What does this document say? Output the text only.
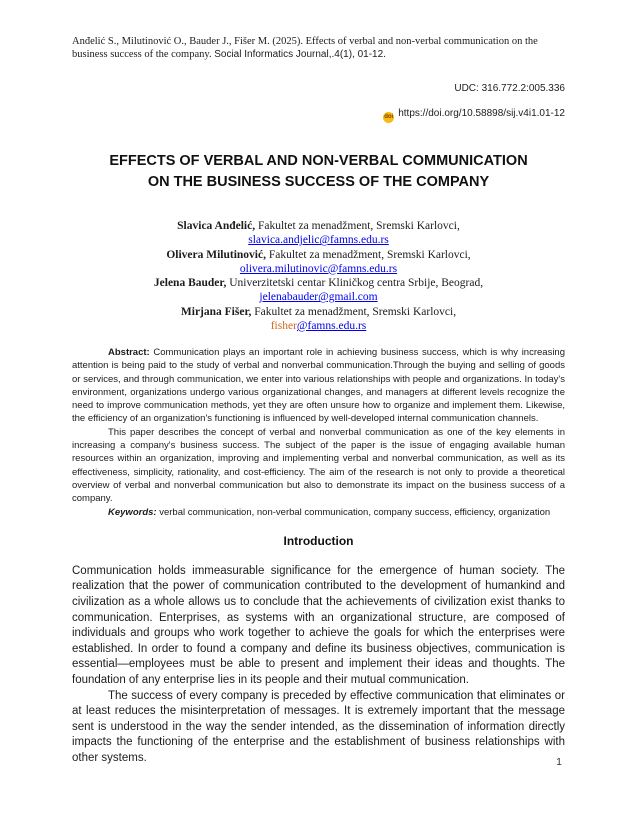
Anđelić S., Milutinović O., Bauder J., Fišer M. (2025). Effects of verbal and non-verbal communication on the business success of the company. Social Informatics Journal,.4(1), 01-12.
UDC: 316.772.2:005.336
doi https://doi.org/10.58898/sij.v4i1.01-12
EFFECTS OF VERBAL AND NON-VERBAL COMMUNICATION
ON THE BUSINESS SUCCESS OF THE COMPANY
Slavica Anđelić, Fakultet za menadžment, Sremski Karlovci,
slavica.andjelic@famns.edu.rs
Olivera Milutinović, Fakultet za menadžment, Sremski Karlovci,
olivera.milutinovic@famns.edu.rs
Jelena Bauder, Univerzitetski centar Kliničkog centra Srbije, Beograd,
jelenabauder@gmail.com
Mirjana Fišer, Fakultet za menadžment, Sremski Karlovci,
fisher@famns.edu.rs

Abstract: Communication plays an important role in achieving business success, which is why increasing attention is being paid to the study of verbal and nonverbal communication.Through the buying and selling of goods or services, and through communication, we enter into various relationships with people and organizations. In today's environment, organizations undergo various organizational changes, and managers at different levels recognize the need to improve communication methods, yet they are often unsure how to organize and implement them. Likewise, the efficiency of an organization's functioning is influenced by well-developed internal communication channels.

This paper describes the concept of verbal and nonverbal communication as one of the key elements in increasing a company's business success. The subject of the paper is the issue of engaging available human resources within an organization, improving and implementing verbal and nonverbal communication, as well as its effectiveness, simplicity, rationality, and cost-efficiency. The aim of the research is not only to provide a theoretical overview of verbal and nonverbal communication but also to demonstrate its impact on the business success of a company.

Keywords: verbal communication, non-verbal communication, company success, efficiency, organization

Introduction

Communication holds immeasurable significance for the emergence of human society. The realization that the power of communication contributed to the development of humankind and civilization as a whole allows us to conclude that the achievements of civilization exist thanks to communication. Enterprises, as systems with an organizational structure, are composed of individuals and groups who work together to achieve the goals for which the enterprises were established. In order to found a company and define its business objectives, communication is essential—employees must be able to present and implement their ideas and thoughts. The foundation of any enterprise lies in its people and their mutual communication.

The success of every company is preceded by effective communication that eliminates or at least reduces the misinterpretation of messages. It is extremely important that the message sent is understood in the way the sender intended, as the dissemination of information directly impacts the functioning of the enterprise and the establishment of business relationships with other systems.	1
